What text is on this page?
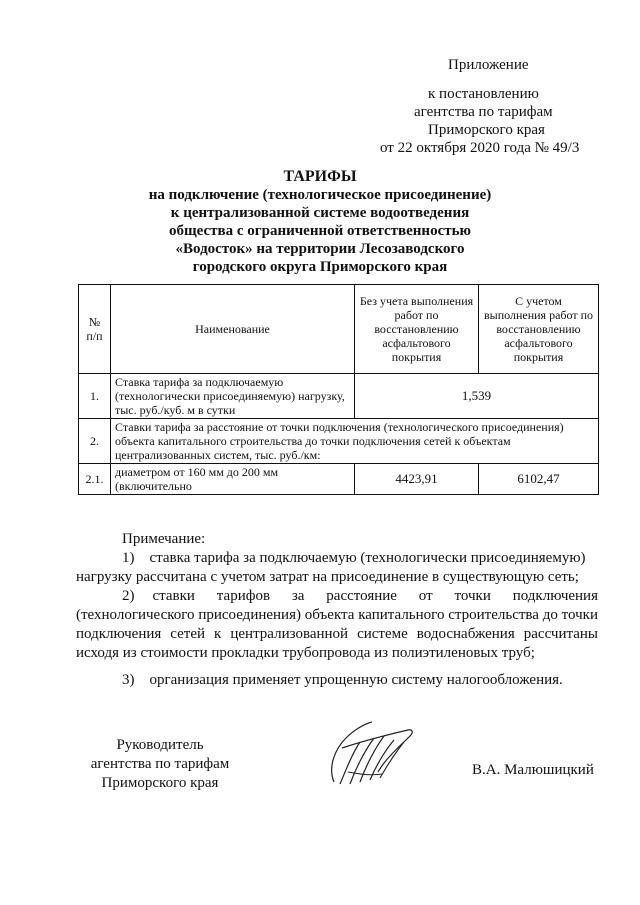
Приложение
к постановлению
агентства по тарифам
Приморского края
от 22 октября 2020 года № 49/3
ТАРИФЫ
на подключение (технологическое присоединение)
к централизованной системе водоотведения
общества с ограниченной ответственностью
«Водосток» на территории Лесозаводского
городского округа Приморского края
№ п/п	Наименование	Без учета выполнения работ по восстановлению асфальтового покрытия	С учетом выполнения работ по восстановлению асфальтового покрытия
1.	Ставка тарифа за подключаемую (технологически присоединяемую) нагрузку, тыс. руб./куб. м в сутки	1,539	
2.	Ставки тарифа за расстояние от точки подключения (технологического присоединения) объекта капитального строительства до точки подключения сетей к объектам централизованных систем, тыс. руб./км:		
2.1.	диаметром от 160 мм до 200 мм (включительно	4423,91	6102,47
Примечание:
1) ставка тарифа за подключаемую (технологически присоединяемую)
нагрузку рассчитана с учетом затрат на присоединение в существующую сеть;
2) ставки тарифов за расстояние от точки подключения
(технологического присоединения) объекта капитального строительства до точки подключения сетей к централизованной системе водоснабжения рассчитаны исходя из стоимости прокладки трубопровода из полиэтиленовых труб;
3) организация применяет упрощенную систему налогообложения.
Руководитель
агентства по тарифам
Приморского края
В.А. Малюшицкий
